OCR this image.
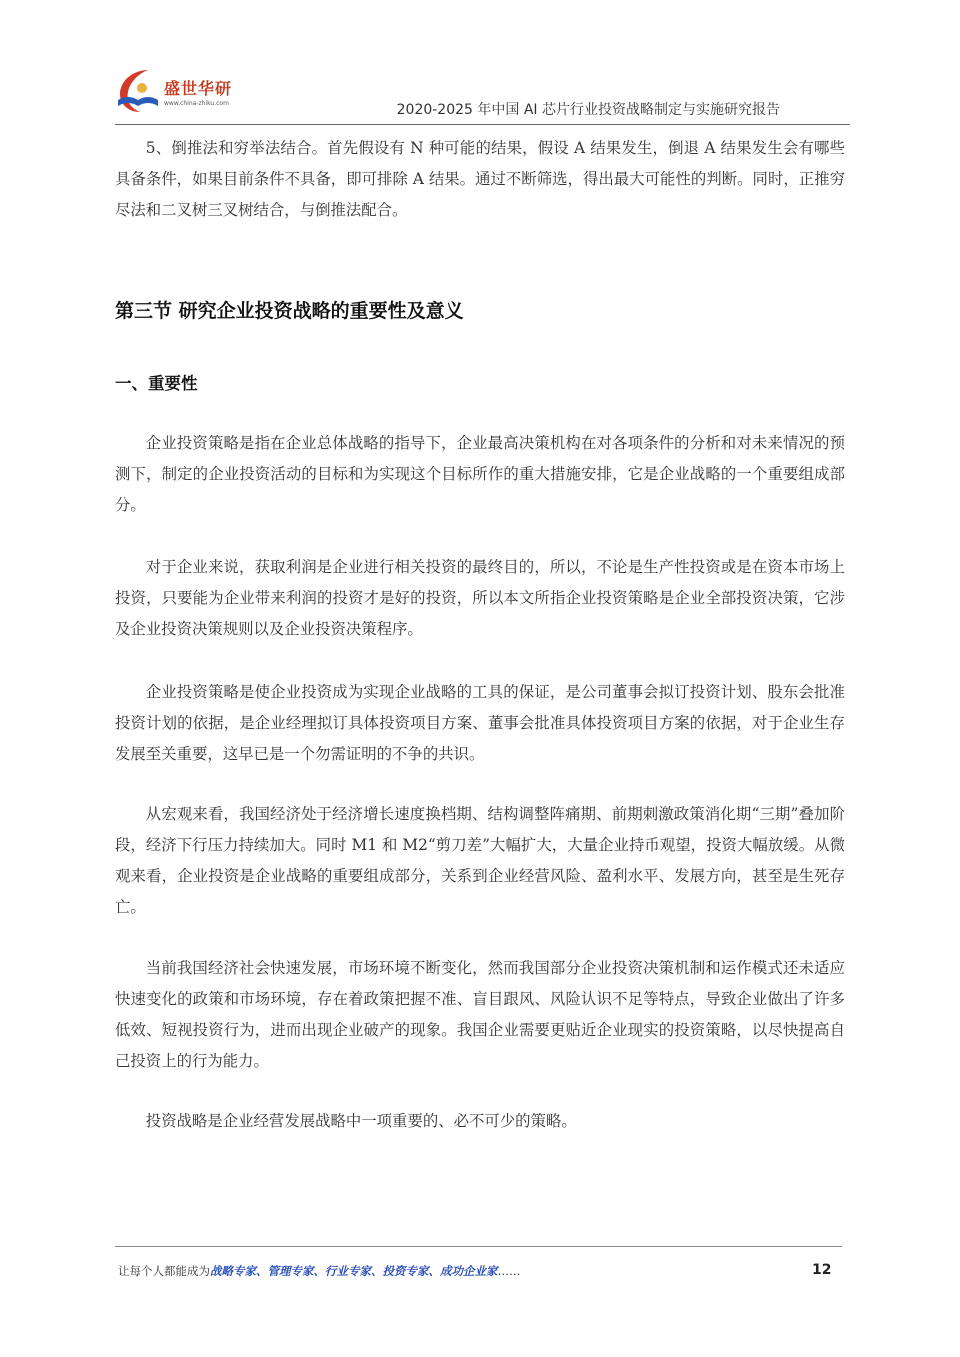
盛世华研
www.china-zhiku.com	2020-2025 年中国 AI 芯片行业投资战略制定与实施研究报告

5、倒推法和穷举法结合。首先假设有 N 种可能的结果，假设 A 结果发生，倒退 A 结果发生会有哪些具备条件，如果目前条件不具备，即可排除 A 结果。通过不断筛选，得出最大可能性的判断。同时，正推穷尽法和二叉树三叉树结合，与倒推法配合。

第三节 研究企业投资战略的重要性及意义
一、重要性

企业投资策略是指在企业总体战略的指导下，企业最高决策机构在对各项条件的分析和对未来情况的预测下，制定的企业投资活动的目标和为实现这个目标所作的重大措施安排，它是企业战略的一个重要组成部分。

对于企业来说，获取利润是企业进行相关投资的最终目的，所以，不论是生产性投资或是在资本市场上投资，只要能为企业带来利润的投资才是好的投资，所以本文所指企业投资策略是企业全部投资决策，它涉及企业投资决策规则以及企业投资决策程序。

企业投资策略是使企业投资成为实现企业战略的工具的保证，是公司董事会拟订投资计划、股东会批准投资计划的依据，是企业经理拟订具体投资项目方案、董事会批准具体投资项目方案的依据，对于企业生存发展至关重要，这早已是一个勿需证明的不争的共识。

从宏观来看，我国经济处于经济增长速度换档期、结构调整阵痛期、前期刺激政策消化期“三期”叠加阶段，经济下行压力持续加大。同时 M1 和 M2“剪刀差”大幅扩大，大量企业持币观望，投资大幅放缓。从微观来看，企业投资是企业战略的重要组成部分，关系到企业经营风险、盈利水平、发展方向，甚至是生死存亡。

当前我国经济社会快速发展，市场环境不断变化，然而我国部分企业投资决策机制和运作模式还未适应快速变化的政策和市场环境，存在着政策把握不准、盲目跟风、风险认识不足等特点，导致企业做出了许多低效、短视投资行为，进而出现企业破产的现象。我国企业需要更贴近企业现实的投资策略，以尽快提高自己投资上的行为能力。

投资战略是企业经营发展战略中一项重要的、必不可少的策略。

让每个人都能成为战略专家、管理专家、行业专家、投资专家、成功企业家……	12
